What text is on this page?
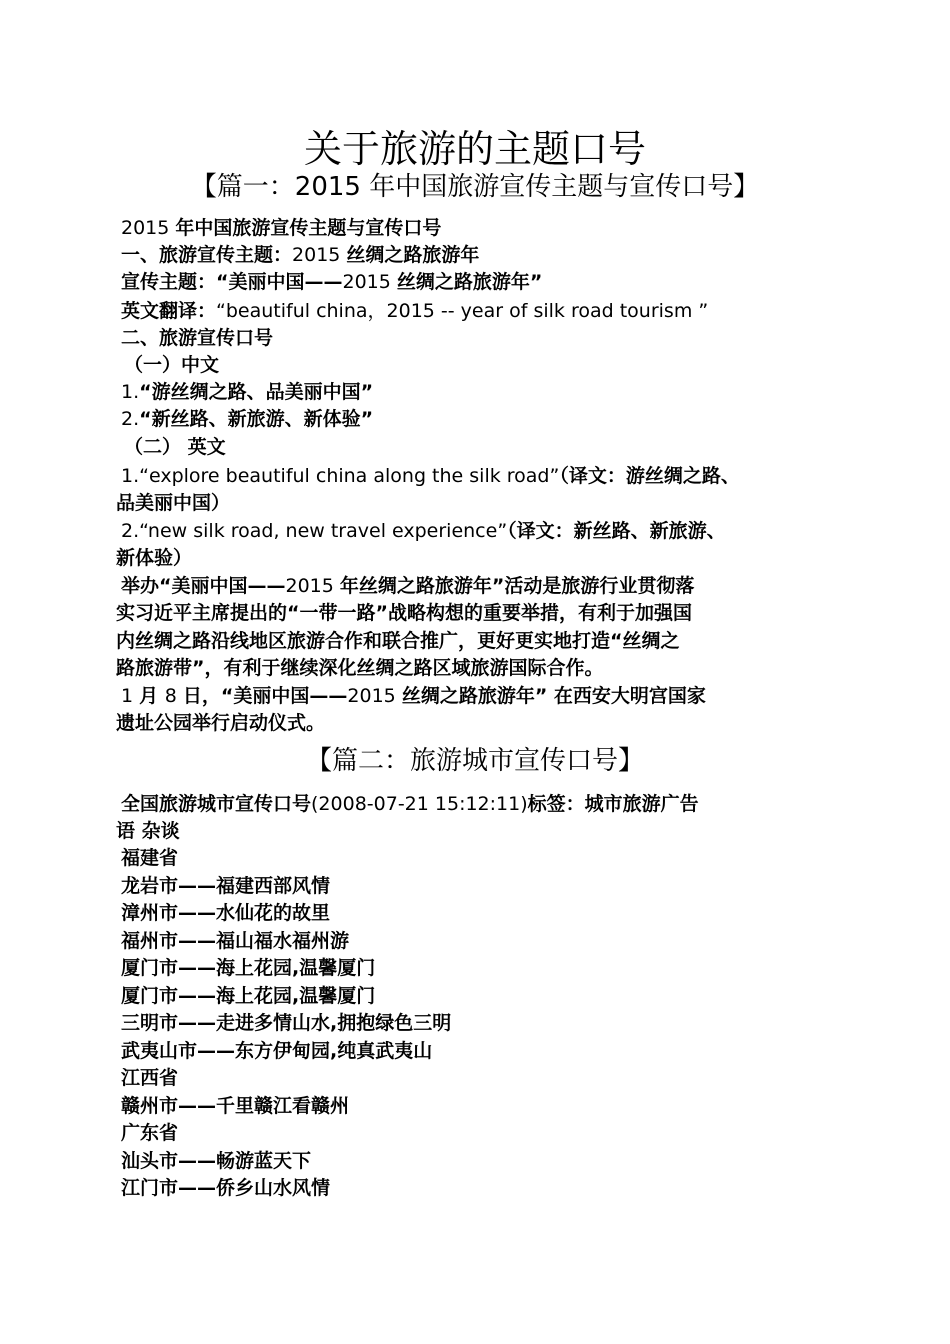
关于旅游的主题口号
【篇一：2015 年中国旅游宣传主题与宣传口号】
2015 年中国旅游宣传主题与宣传口号
一、旅游宣传主题：2015 丝绸之路旅游年
宣传主题：“美丽中国——2015 丝绸之路旅游年”
英文翻译：“beautiful china，2015 -- year of silk road tourism ”
二、旅游宣传口号
（一）中文
1.“游丝绸之路、品美丽中国”
2.“新丝路、新旅游、新体验”
（二） 英文
1.“explore beautiful china along the silk road”（译文：游丝绸之路、
品美丽中国）
2.“new silk road, new travel experience”（译文：新丝路、新旅游、
新体验）
举办“美丽中国——2015 年丝绸之路旅游年”活动是旅游行业贯彻落
实习近平主席提出的“一带一路”战略构想的重要举措，有利于加强国
内丝绸之路沿线地区旅游合作和联合推广，更好更实地打造“丝绸之
路旅游带”，有利于继续深化丝绸之路区域旅游国际合作。
1 月 8 日，“美丽中国——2015 丝绸之路旅游年” 在西安大明宫国家
遗址公园举行启动仪式。
【篇二：旅游城市宣传口号】
全国旅游城市宣传口号(2008-07-21 15:12:11)标签：城市旅游广告
语 杂谈
福建省
龙岩市——福建西部风情
漳州市——水仙花的故里
福州市——福山福水福州游
厦门市——海上花园,温馨厦门
厦门市——海上花园,温馨厦门
三明市——走进多情山水,拥抱绿色三明
武夷山市——东方伊甸园,纯真武夷山
江西省
赣州市——千里赣江看赣州
广东省
汕头市——畅游蓝天下
江门市——侨乡山水风情
